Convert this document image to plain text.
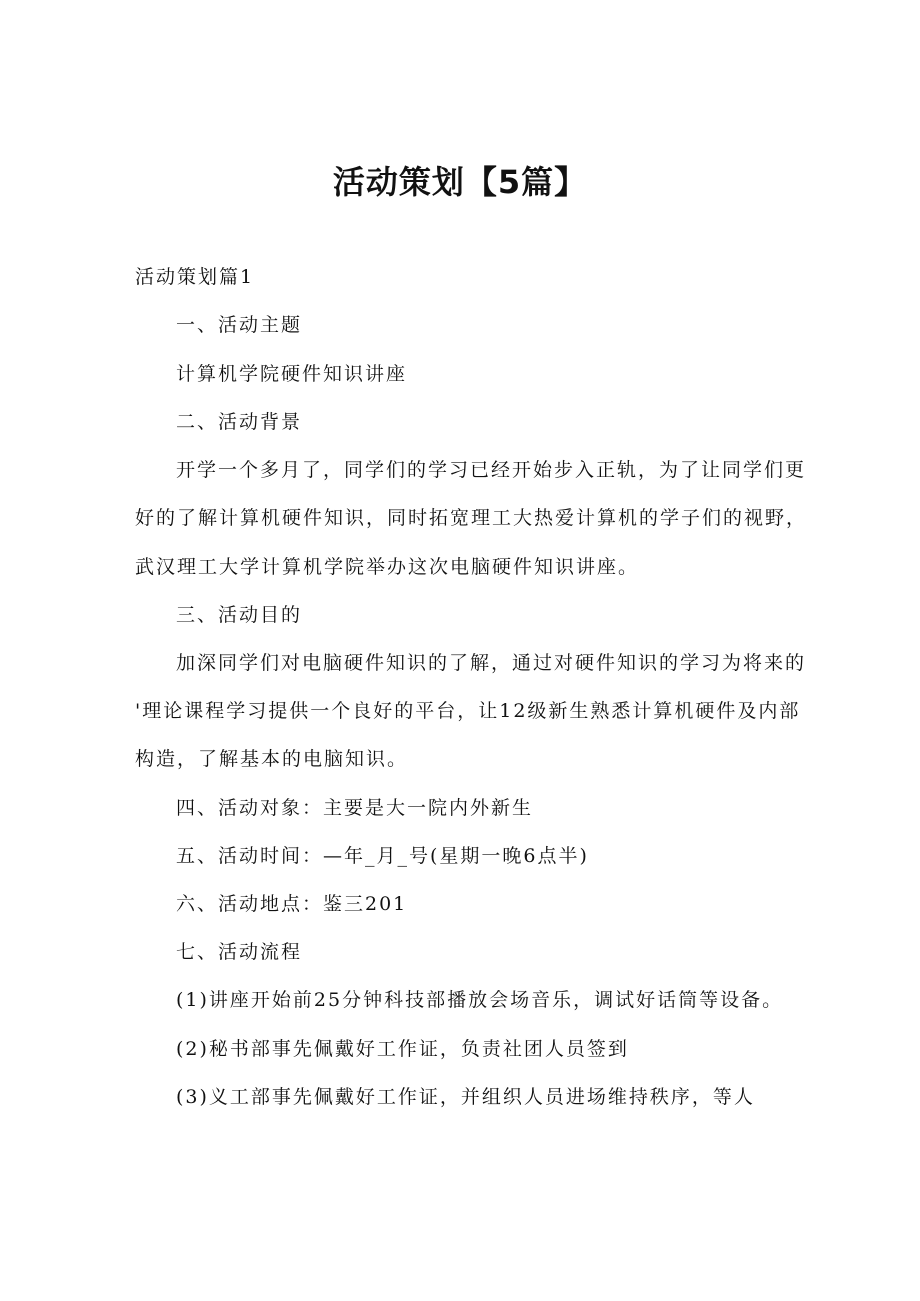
活动策划【5篇】
活动策划篇1
一、活动主题
计算机学院硬件知识讲座
二、活动背景
开学一个多月了，同学们的学习已经开始步入正轨，为了让同学们更
好的了解计算机硬件知识，同时拓宽理工大热爱计算机的学子们的视野，
武汉理工大学计算机学院举办这次电脑硬件知识讲座。
三、活动目的
加深同学们对电脑硬件知识的了解，通过对硬件知识的学习为将来的
'理论课程学习提供一个良好的平台，让12级新生熟悉计算机硬件及内部
构造，了解基本的电脑知识。
四、活动对象：主要是大一院内外新生
五、活动时间：—年_月_号(星期一晚6点半)
六、活动地点：鉴三201
七、活动流程
(1)讲座开始前25分钟科技部播放会场音乐，调试好话筒等设备。
(2)秘书部事先佩戴好工作证，负责社团人员签到
(3)义工部事先佩戴好工作证，并组织人员进场维持秩序，等人
